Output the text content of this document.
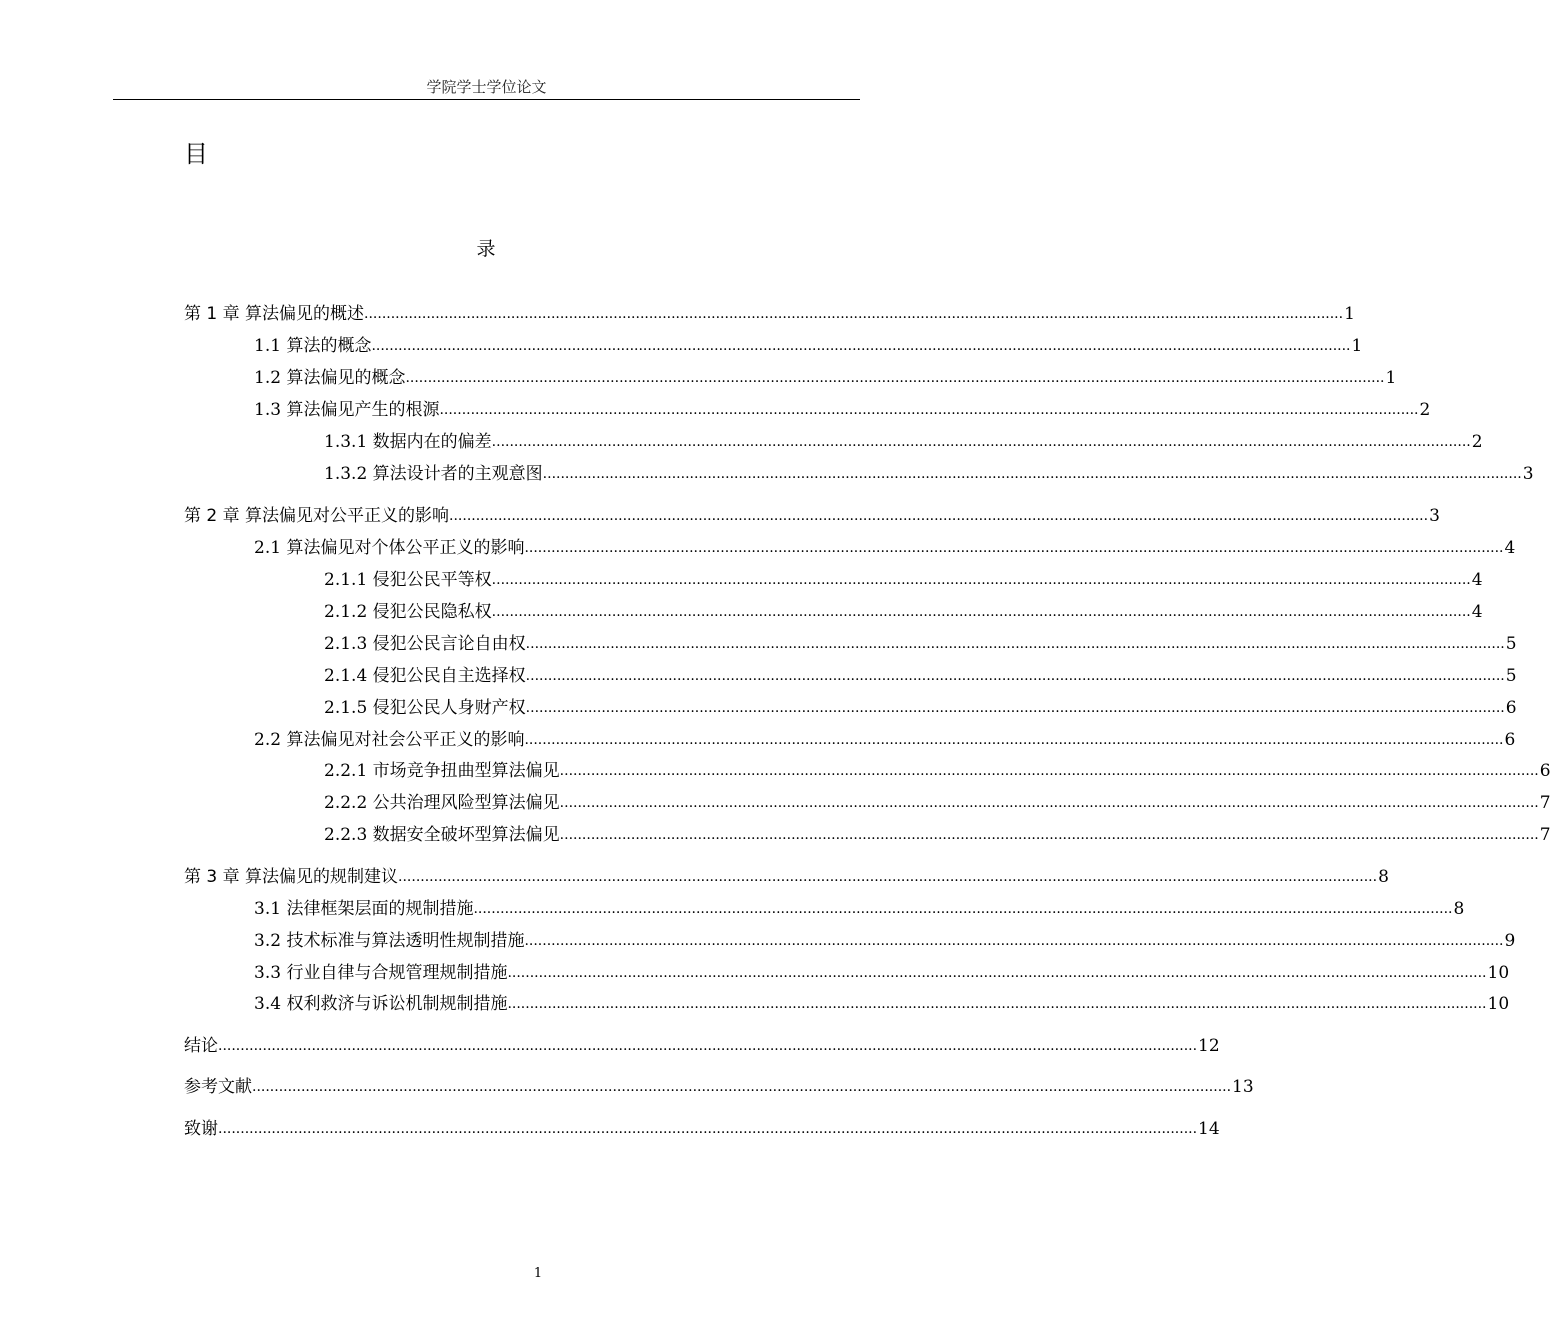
学院学士学位论文
目
录
第 1 章 算法偏见的概述 ............................................................................................................................................................................................................................ 1
1.1 算法的概念 ............................................................................................................................................................................................................................ 1
1.2 算法偏见的概念 ............................................................................................................................................................................................................................ 1
1.3 算法偏见产生的根源 ............................................................................................................................................................................................................................ 2
1.3.1 数据内在的偏差 ............................................................................................................................................................................................................................ 2
1.3.2 算法设计者的主观意图 ............................................................................................................................................................................................................................ 3
第 2 章 算法偏见对公平正义的影响 ............................................................................................................................................................................................................................ 3
2.1 算法偏见对个体公平正义的影响 ............................................................................................................................................................................................................................ 4
2.1.1 侵犯公民平等权 ............................................................................................................................................................................................................................ 4
2.1.2 侵犯公民隐私权 ............................................................................................................................................................................................................................ 4
2.1.3 侵犯公民言论自由权 ............................................................................................................................................................................................................................ 5
2.1.4 侵犯公民自主选择权 ............................................................................................................................................................................................................................ 5
2.1.5 侵犯公民人身财产权 ............................................................................................................................................................................................................................ 6
2.2 算法偏见对社会公平正义的影响 ............................................................................................................................................................................................................................ 6
2.2.1 市场竞争扭曲型算法偏见 ............................................................................................................................................................................................................................ 6
2.2.2 公共治理风险型算法偏见 ............................................................................................................................................................................................................................ 7
2.2.3 数据安全破坏型算法偏见 ............................................................................................................................................................................................................................ 7
第 3 章 算法偏见的规制建议 ............................................................................................................................................................................................................................ 8
3.1 法律框架层面的规制措施 ............................................................................................................................................................................................................................ 8
3.2 技术标准与算法透明性规制措施 ............................................................................................................................................................................................................................ 9
3.3 行业自律与合规管理规制措施 ............................................................................................................................................................................................................................ 10
3.4 权利救济与诉讼机制规制措施 ............................................................................................................................................................................................................................ 10
结论 ............................................................................................................................................................................................................................ 12
参考文献 ............................................................................................................................................................................................................................ 13
致谢 ............................................................................................................................................................................................................................ 14
1
